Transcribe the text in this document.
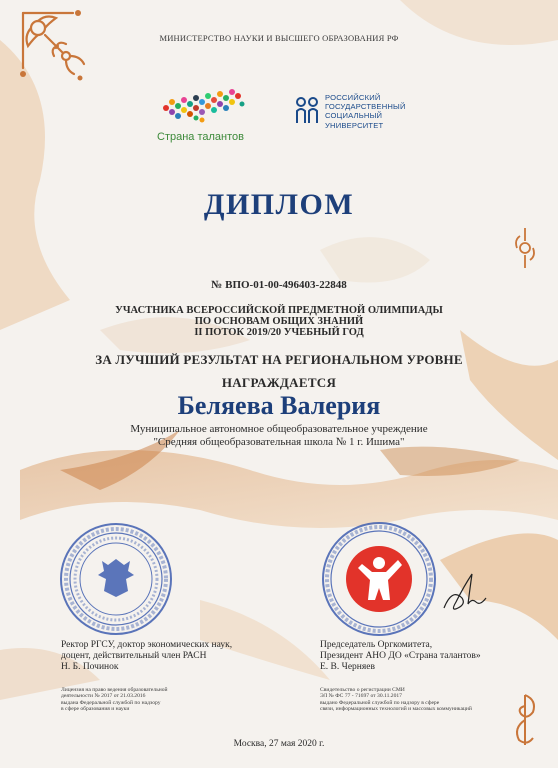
МИНИСТЕРСТВО НАУКИ И ВЫСШЕГО ОБРАЗОВАНИЯ РФ
Страна талантов
РОССИЙСКИЙ
ГОСУДАРСТВЕННЫЙ
СОЦИАЛЬНЫЙ
УНИВЕРСИТЕТ
ДИПЛОМ
№ ВПО-01-00-496403-22848
УЧАСТНИКА ВСЕРОССИЙСКОЙ ПРЕДМЕТНОЙ ОЛИМПИАДЫ
ПО ОСНОВАМ ОБЩИХ ЗНАНИЙ
II ПОТОК 2019/20 УЧЕБНЫЙ ГОД
ЗА ЛУЧШИЙ РЕЗУЛЬТАТ НА РЕГИОНАЛЬНОМ УРОВНЕ
НАГРАЖДАЕТСЯ
Беляева Валерия
Муниципальное автономное общеобразовательное учреждение
"Средняя общеобразовательная школа № 1 г. Ишима"
Ректор РГСУ, доктор экономических наук,
доцент, действительный член РАСН
Н. Б. Починок
Председатель Оргкомитета,
Президент АНО ДО «Страна талантов»
Е. В. Черняев
Лицензия на право ведения образовательной
деятельности № 2017 от 21.03.2016
выдана Федеральной службой по надзору
в сфере образования и науки
Свидетельство о регистрации СМИ
ЭЛ № ФС 77 - 71697 от 30.11.2017
выдано Федеральной службой по надзору в сфере
связи, информационных технологий и массовых коммуникаций
Москва, 27 мая 2020 г.
